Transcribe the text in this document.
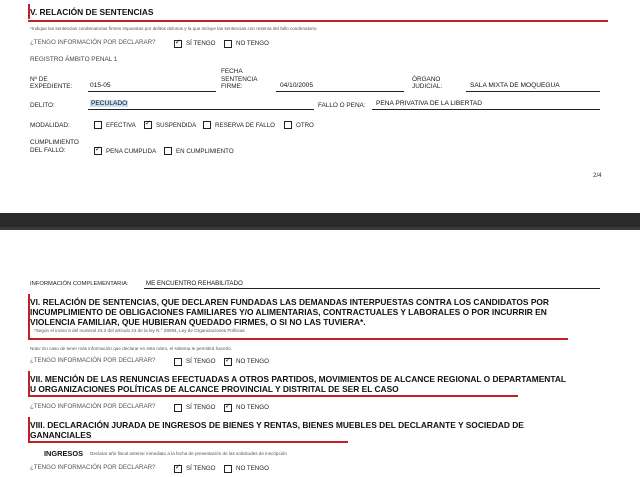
V. RELACIÓN DE SENTENCIAS
*Indique las sentencias condenatorias firmes impuestas por delitos dolosos y la que incluye las sentencias con reserva del fallo condenatorio
¿TENGO INFORMACIÓN POR DECLARAR? ✓	SÍ TENGO	NO TENGO
REGISTRO ÁMBITO PENAL 1
Nº DE EXPEDIENTE:	015-05
FECHA SENTENCIA FIRME:	04/10/2005
ÓRGANO JUDICIAL:	SALA MIXTA DE MOQUEGUA
DELITO:	PECULADO	FALLO O PENA: PENA PRIVATIVA DE LA LIBERTAD
MODALIDAD:	EFECTIVA ✓	SUSPENDIDA	RESERVA DE FALLO	OTRO
CUMPLIMIENTO DEL FALLO: ✓	PENA CUMPLIDA	EN CUMPLIMIENTO
2/4
INFORMACIÓN COMPLEMENTARIA:	ME ENCUENTRO REHABILITADO
VI. RELACIÓN DE SENTENCIAS, QUE DECLAREN FUNDADAS LAS DEMANDAS INTERPUESTAS CONTRA LOS CANDIDATOS POR INCUMPLIMIENTO DE OBLIGACIONES FAMILIARES Y/O ALIMENTARIAS, CONTRACTUALES Y LABORALES O POR INCURRIR EN VIOLENCIA FAMILIAR, QUE HUBIERAN QUEDADO FIRMES, O SI NO LAS TUVIERA*.
*Según el inciso 6 del numeral 23.3 del artículo 23 de la ley N.° 28094, Ley de Organizaciones Políticas
Nota: En caso de tener más información que declarar en este rubro, el sistema le permitirá hacerlo.
¿TENGO INFORMACIÓN POR DECLARAR?	SÍ TENGO ✓	NO TENGO
VII. MENCIÓN DE LAS RENUNCIAS EFECTUADAS A OTROS PARTIDOS, MOVIMIENTOS DE ALCANCE REGIONAL O DEPARTAMENTAL U ORGANIZACIONES POLÍTICAS DE ALCANCE PROVINCIAL Y DISTRITAL DE SER EL CASO
¿TENGO INFORMACIÓN POR DECLARAR?	SÍ TENGO ✓	NO TENGO
VIII. DECLARACIÓN JURADA DE INGRESOS DE BIENES Y RENTAS, BIENES MUEBLES DEL DECLARANTE Y SOCIEDAD DE GANANCIALES
INGRESOS Declarar año fiscal anterior inmediato a la fecha de presentación de las solicitudes de inscripción
¿TENGO INFORMACIÓN POR DECLARAR? ✓	SÍ TENGO	NO TENGO
